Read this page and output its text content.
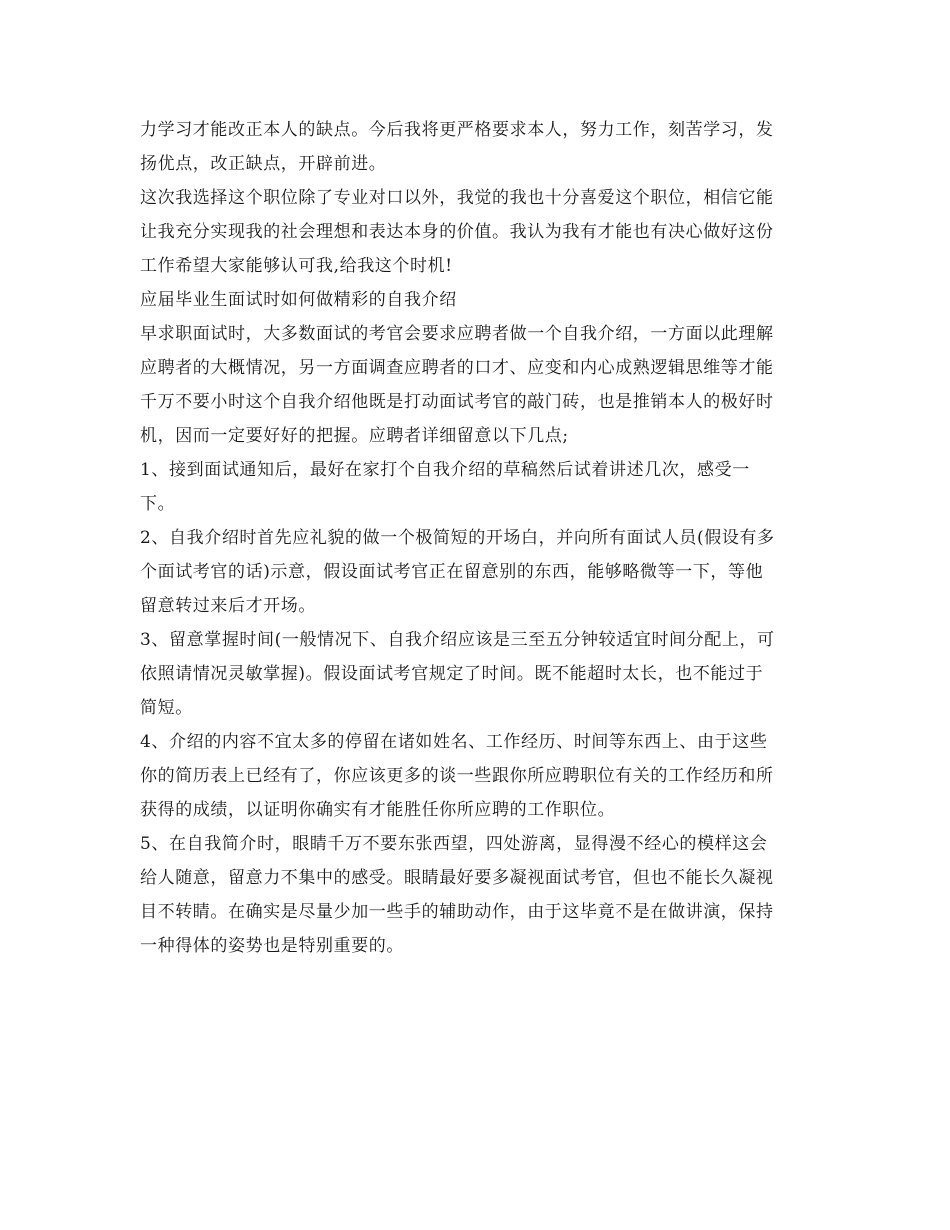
力学习才能改正本人的缺点。今后我将更严格要求本人，努力工作，刻苦学习，发
扬优点，改正缺点，开辟前进。
这次我选择这个职位除了专业对口以外，我觉的我也十分喜爱这个职位，相信它能
让我充分实现我的社会理想和表达本身的价值。我认为我有才能也有决心做好这份
工作希望大家能够认可我,给我这个时机!
应届毕业生面试时如何做精彩的自我介绍
早求职面试时，大多数面试的考官会要求应聘者做一个自我介绍，一方面以此理解
应聘者的大概情况，另一方面调查应聘者的口才、应变和内心成熟逻辑思维等才能
千万不要小时这个自我介绍他既是打动面试考官的敲门砖，也是推销本人的极好时
机，因而一定要好好的把握。应聘者详细留意以下几点;
1、接到面试通知后，最好在家打个自我介绍的草稿然后试着讲述几次，感受一
下。
2、自我介绍时首先应礼貌的做一个极简短的开场白，并向所有面试人员(假设有多
个面试考官的话)示意，假设面试考官正在留意别的东西，能够略微等一下，等他
留意转过来后才开场。
3、留意掌握时间(一般情况下、自我介绍应该是三至五分钟较适宜时间分配上，可
依照请情况灵敏掌握)。假设面试考官规定了时间。既不能超时太长，也不能过于
简短。
4、介绍的内容不宜太多的停留在诸如姓名、工作经历、时间等东西上、由于这些
你的简历表上已经有了，你应该更多的谈一些跟你所应聘职位有关的工作经历和所
获得的成绩，以证明你确实有才能胜任你所应聘的工作职位。
5、在自我简介时，眼睛千万不要东张西望，四处游离，显得漫不经心的模样这会
给人随意，留意力不集中的感受。眼睛最好要多凝视面试考官，但也不能长久凝视
目不转睛。在确实是尽量少加一些手的辅助动作，由于这毕竟不是在做讲演，保持
一种得体的姿势也是特别重要的。
